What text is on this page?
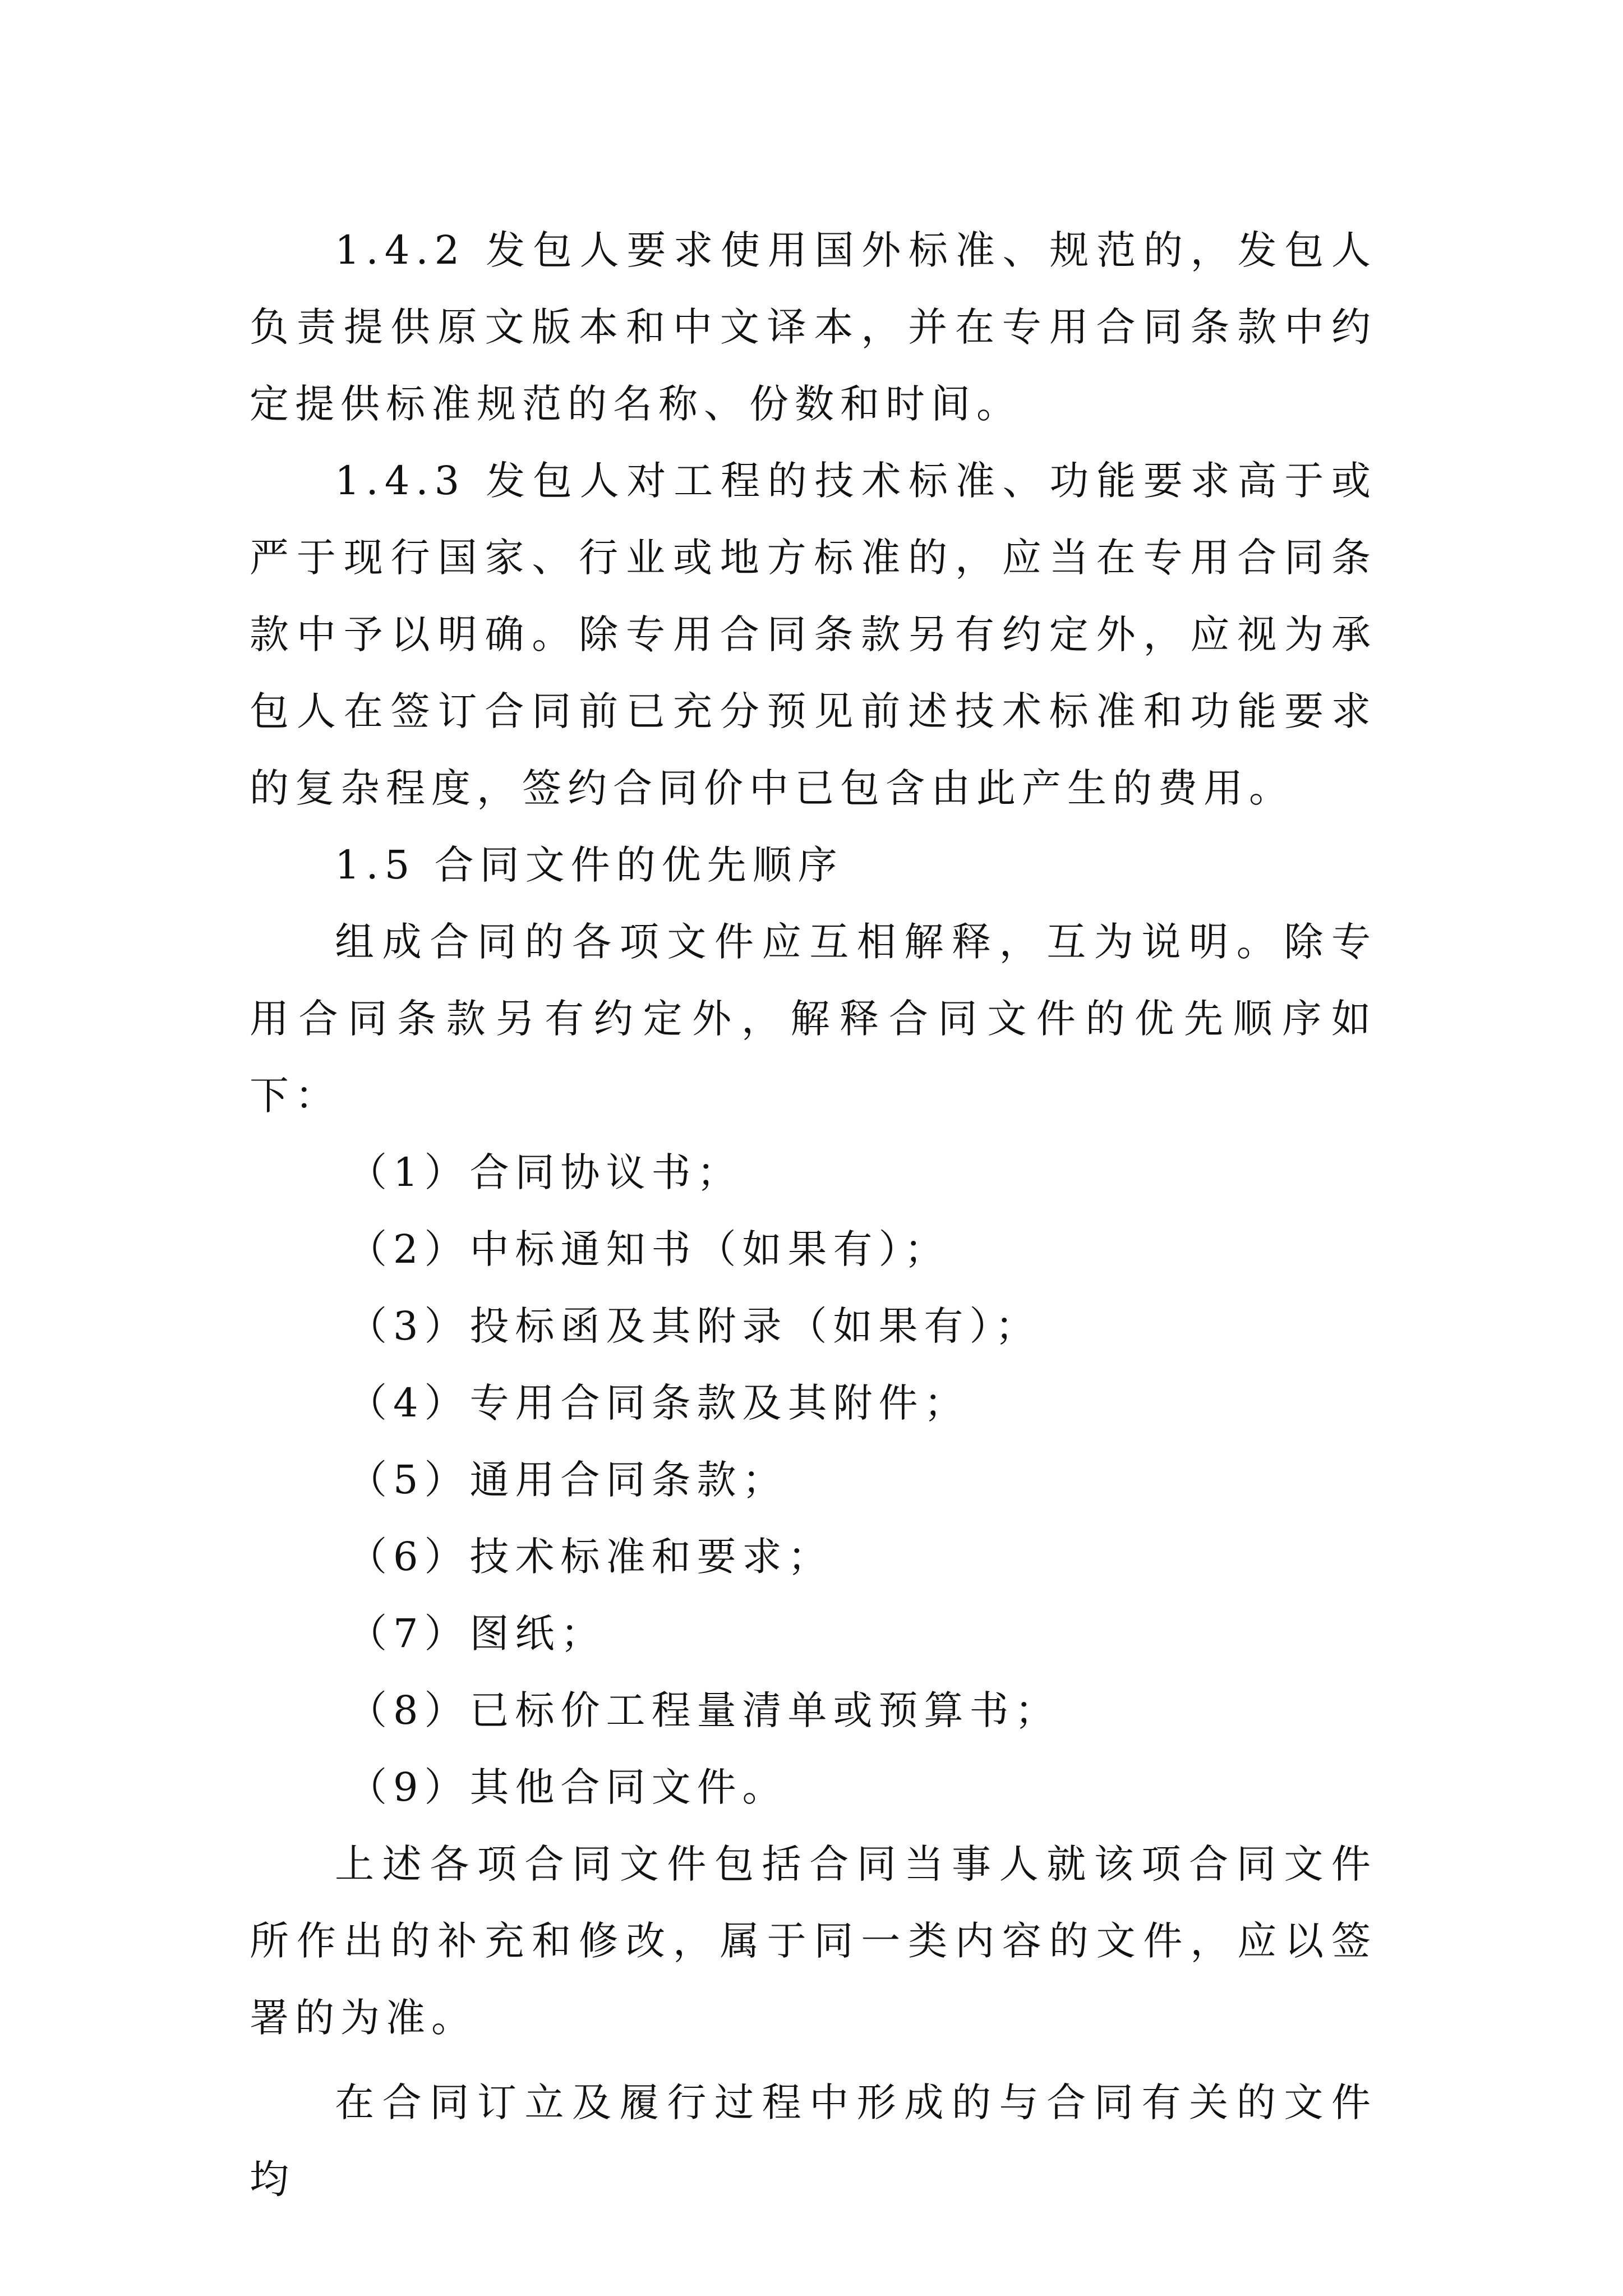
1.4.2 发包人要求使用国外标准、规范的，发包人负责提供原文版本和中文译本，并在专用合同条款中约定提供标准规范的名称、份数和时间。

1.4.3 发包人对工程的技术标准、功能要求高于或严于现行国家、行业或地方标准的，应当在专用合同条款中予以明确。除专用合同条款另有约定外，应视为承包人在签订合同前已充分预见前述技术标准和功能要求的复杂程度，签约合同价中已包含由此产生的费用。

1.5 合同文件的优先顺序

组成合同的各项文件应互相解释，互为说明。除专用合同条款另有约定外，解释合同文件的优先顺序如下：

（1）合同协议书；

（2）中标通知书（如果有）；

（3）投标函及其附录（如果有）；

（4）专用合同条款及其附件；

（5）通用合同条款；

（6）技术标准和要求；

（7）图纸；

（8）已标价工程量清单或预算书；

（9）其他合同文件。

上述各项合同文件包括合同当事人就该项合同文件所作出的补充和修改，属于同一类内容的文件，应以签署的为准。

在合同订立及履行过程中形成的与合同有关的文件均
